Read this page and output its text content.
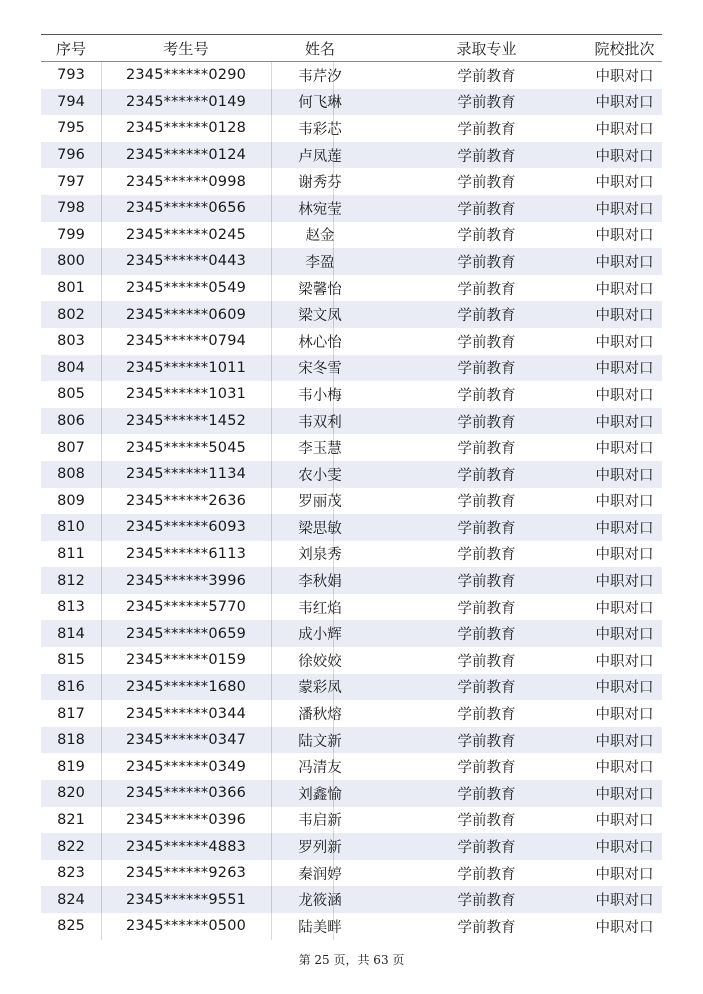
序号	考生号	姓名	录取专业	院校批次
793	2345******0290	韦芹汐	学前教育	中职对口
794	2345******0149	何飞琳	学前教育	中职对口
795	2345******0128	韦彩芯	学前教育	中职对口
796	2345******0124	卢凤莲	学前教育	中职对口
797	2345******0998	谢秀芬	学前教育	中职对口
798	2345******0656	林宛莹	学前教育	中职对口
799	2345******0245	赵金	学前教育	中职对口
800	2345******0443	李盈	学前教育	中职对口
801	2345******0549	梁馨怡	学前教育	中职对口
802	2345******0609	梁文凤	学前教育	中职对口
803	2345******0794	林心怡	学前教育	中职对口
804	2345******1011	宋冬雪	学前教育	中职对口
805	2345******1031	韦小梅	学前教育	中职对口
806	2345******1452	韦双利	学前教育	中职对口
807	2345******5045	李玉慧	学前教育	中职对口
808	2345******1134	农小雯	学前教育	中职对口
809	2345******2636	罗丽茂	学前教育	中职对口
810	2345******6093	梁思敏	学前教育	中职对口
811	2345******6113	刘泉秀	学前教育	中职对口
812	2345******3996	李秋娟	学前教育	中职对口
813	2345******5770	韦红焰	学前教育	中职对口
814	2345******0659	成小辉	学前教育	中职对口
815	2345******0159	徐姣姣	学前教育	中职对口
816	2345******1680	蒙彩凤	学前教育	中职对口
817	2345******0344	潘秋熔	学前教育	中职对口
818	2345******0347	陆文新	学前教育	中职对口
819	2345******0349	冯清友	学前教育	中职对口
820	2345******0366	刘鑫愉	学前教育	中职对口
821	2345******0396	韦启新	学前教育	中职对口
822	2345******4883	罗列新	学前教育	中职对口
823	2345******9263	秦润婷	学前教育	中职对口
824	2345******9551	龙筱涵	学前教育	中职对口
825	2345******0500	陆美畔	学前教育	中职对口
第 25 页，共 63 页
